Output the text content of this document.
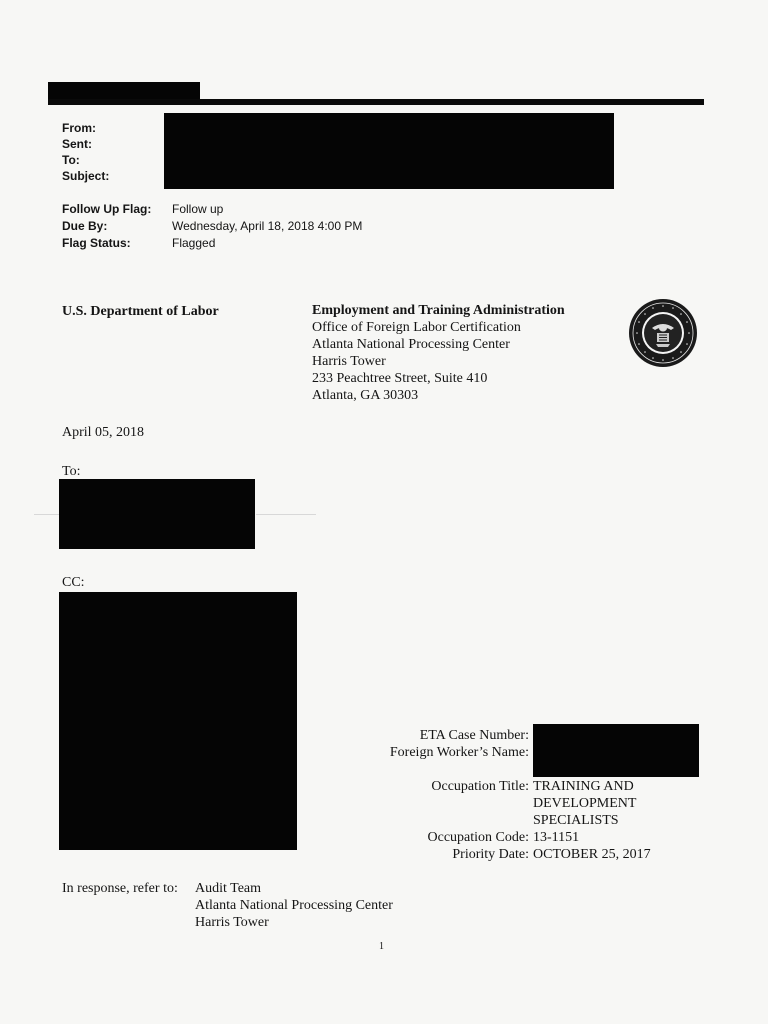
From:
Sent:
To:
Subject:
Follow Up Flag: Follow up
Due By:	Wednesday, April 18, 2018 4:00 PM
Flag Status:	Flagged
U.S. Department of Labor	Employment and Training Administration
Office of Foreign Labor Certification
Atlanta National Processing Center
Harris Tower
233 Peachtree Street, Suite 410
Atlanta, GA 30303
April 05, 2018
To:
CC:
ETA Case Number:
Foreign Worker’s Name:
Occupation Title: TRAINING AND
DEVELOPMENT
SPECIALISTS
Occupation Code: 13-1151
Priority Date: OCTOBER 25, 2017
In response, refer to: Audit Team
Atlanta National Processing Center
Harris Tower
1
